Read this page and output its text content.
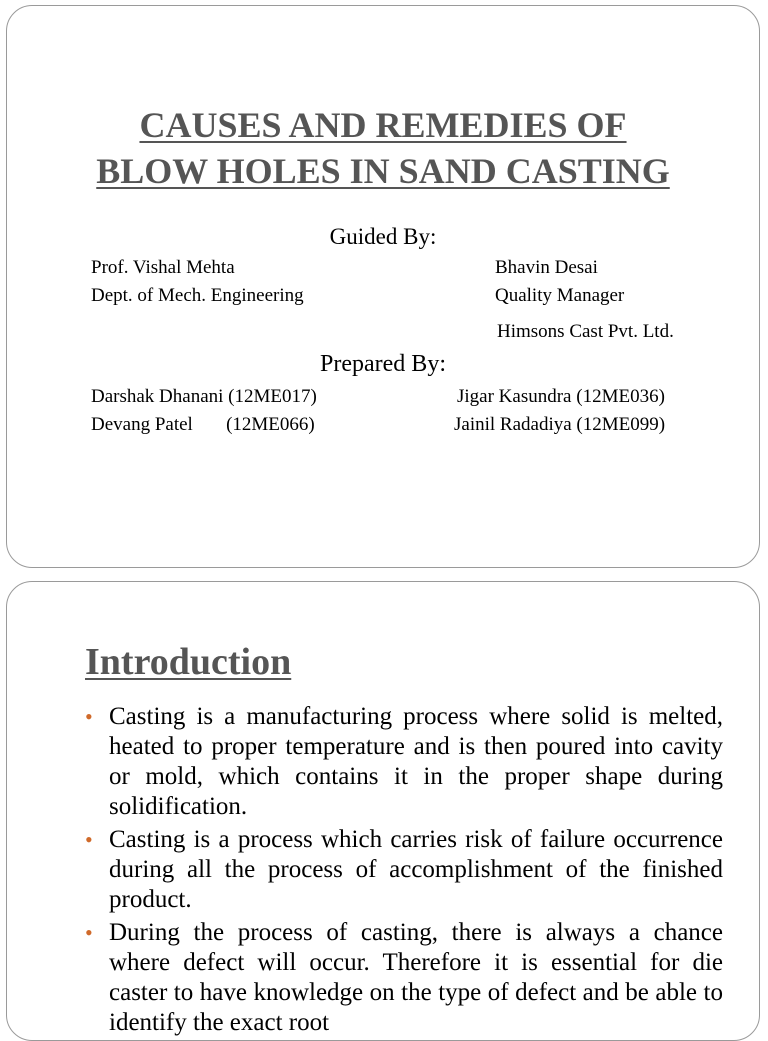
CAUSES AND REMEDIES OF
BLOW HOLES IN SAND CASTING
Guided By:
Prof. Vishal Mehta
Dept. of Mech. Engineering
Bhavin Desai
Quality Manager
Himsons Cast Pvt. Ltd.
Prepared By:
Darshak Dhanani (12ME017)
Devang Patel       (12ME066)
Jigar Kasundra (12ME036)
Jainil Radadiya (12ME099)
Introduction
• Casting is a manufacturing process where solid is melted, heated to proper temperature and is then poured into cavity or mold, which contains it in the proper shape during solidification.
• Casting is a process which carries risk of failure occurrence during all the process of accomplishment of the finished product.
• During the process of casting, there is always a chance where defect will occur. Therefore it is essential for die caster to have knowledge on the type of defect and be able to identify the exact root
